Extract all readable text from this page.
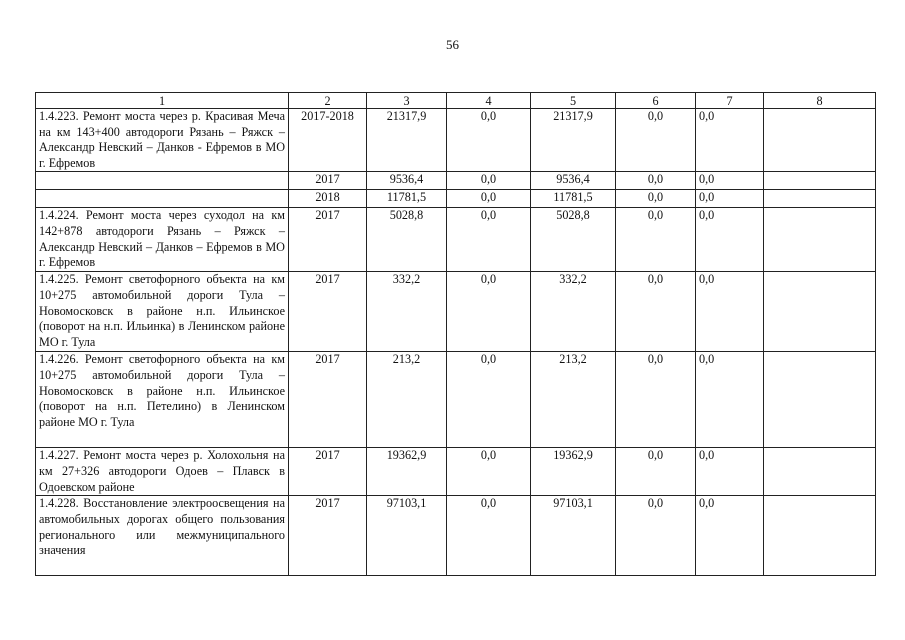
56
1	2	3	4	5	6	7	8
1.4.223. Ремонт моста через р. Красивая Меча на км 143+400 автодороги Рязань – Ряжск – Александр Невский – Данков - Ефремов в МО г. Ефремов	2017-2018	21317,9	0,0	21317,9	0,0	0,0	
	2017	9536,4	0,0	9536,4	0,0	0,0	
	2018	11781,5	0,0	11781,5	0,0	0,0	
1.4.224. Ремонт моста через суходол на км 142+878 автодороги Рязань – Ряжск – Александр Невский – Данков – Ефремов в МО г. Ефремов	2017	5028,8	0,0	5028,8	0,0	0,0	
1.4.225. Ремонт светофорного объекта на км 10+275 автомобильной дороги Тула – Новомосковск в районе н.п. Ильинское (поворот на н.п. Ильинка) в Ленинском районе МО г. Тула	2017	332,2	0,0	332,2	0,0	0,0	
1.4.226. Ремонт светофорного объекта на км 10+275 автомобильной дороги Тула – Новомосковск в районе н.п. Ильинское (поворот на н.п. Петелино) в Ленинском районе МО г. Тула	2017	213,2	0,0	213,2	0,0	0,0	
1.4.227. Ремонт моста через р. Холохольня на км 27+326 автодороги Одоев – Плавск в Одоевском районе	2017	19362,9	0,0	19362,9	0,0	0,0	
1.4.228. Восстановление электроосвещения на автомобильных дорогах общего пользования регионального или межмуниципального значения	2017	97103,1	0,0	97103,1	0,0	0,0	
